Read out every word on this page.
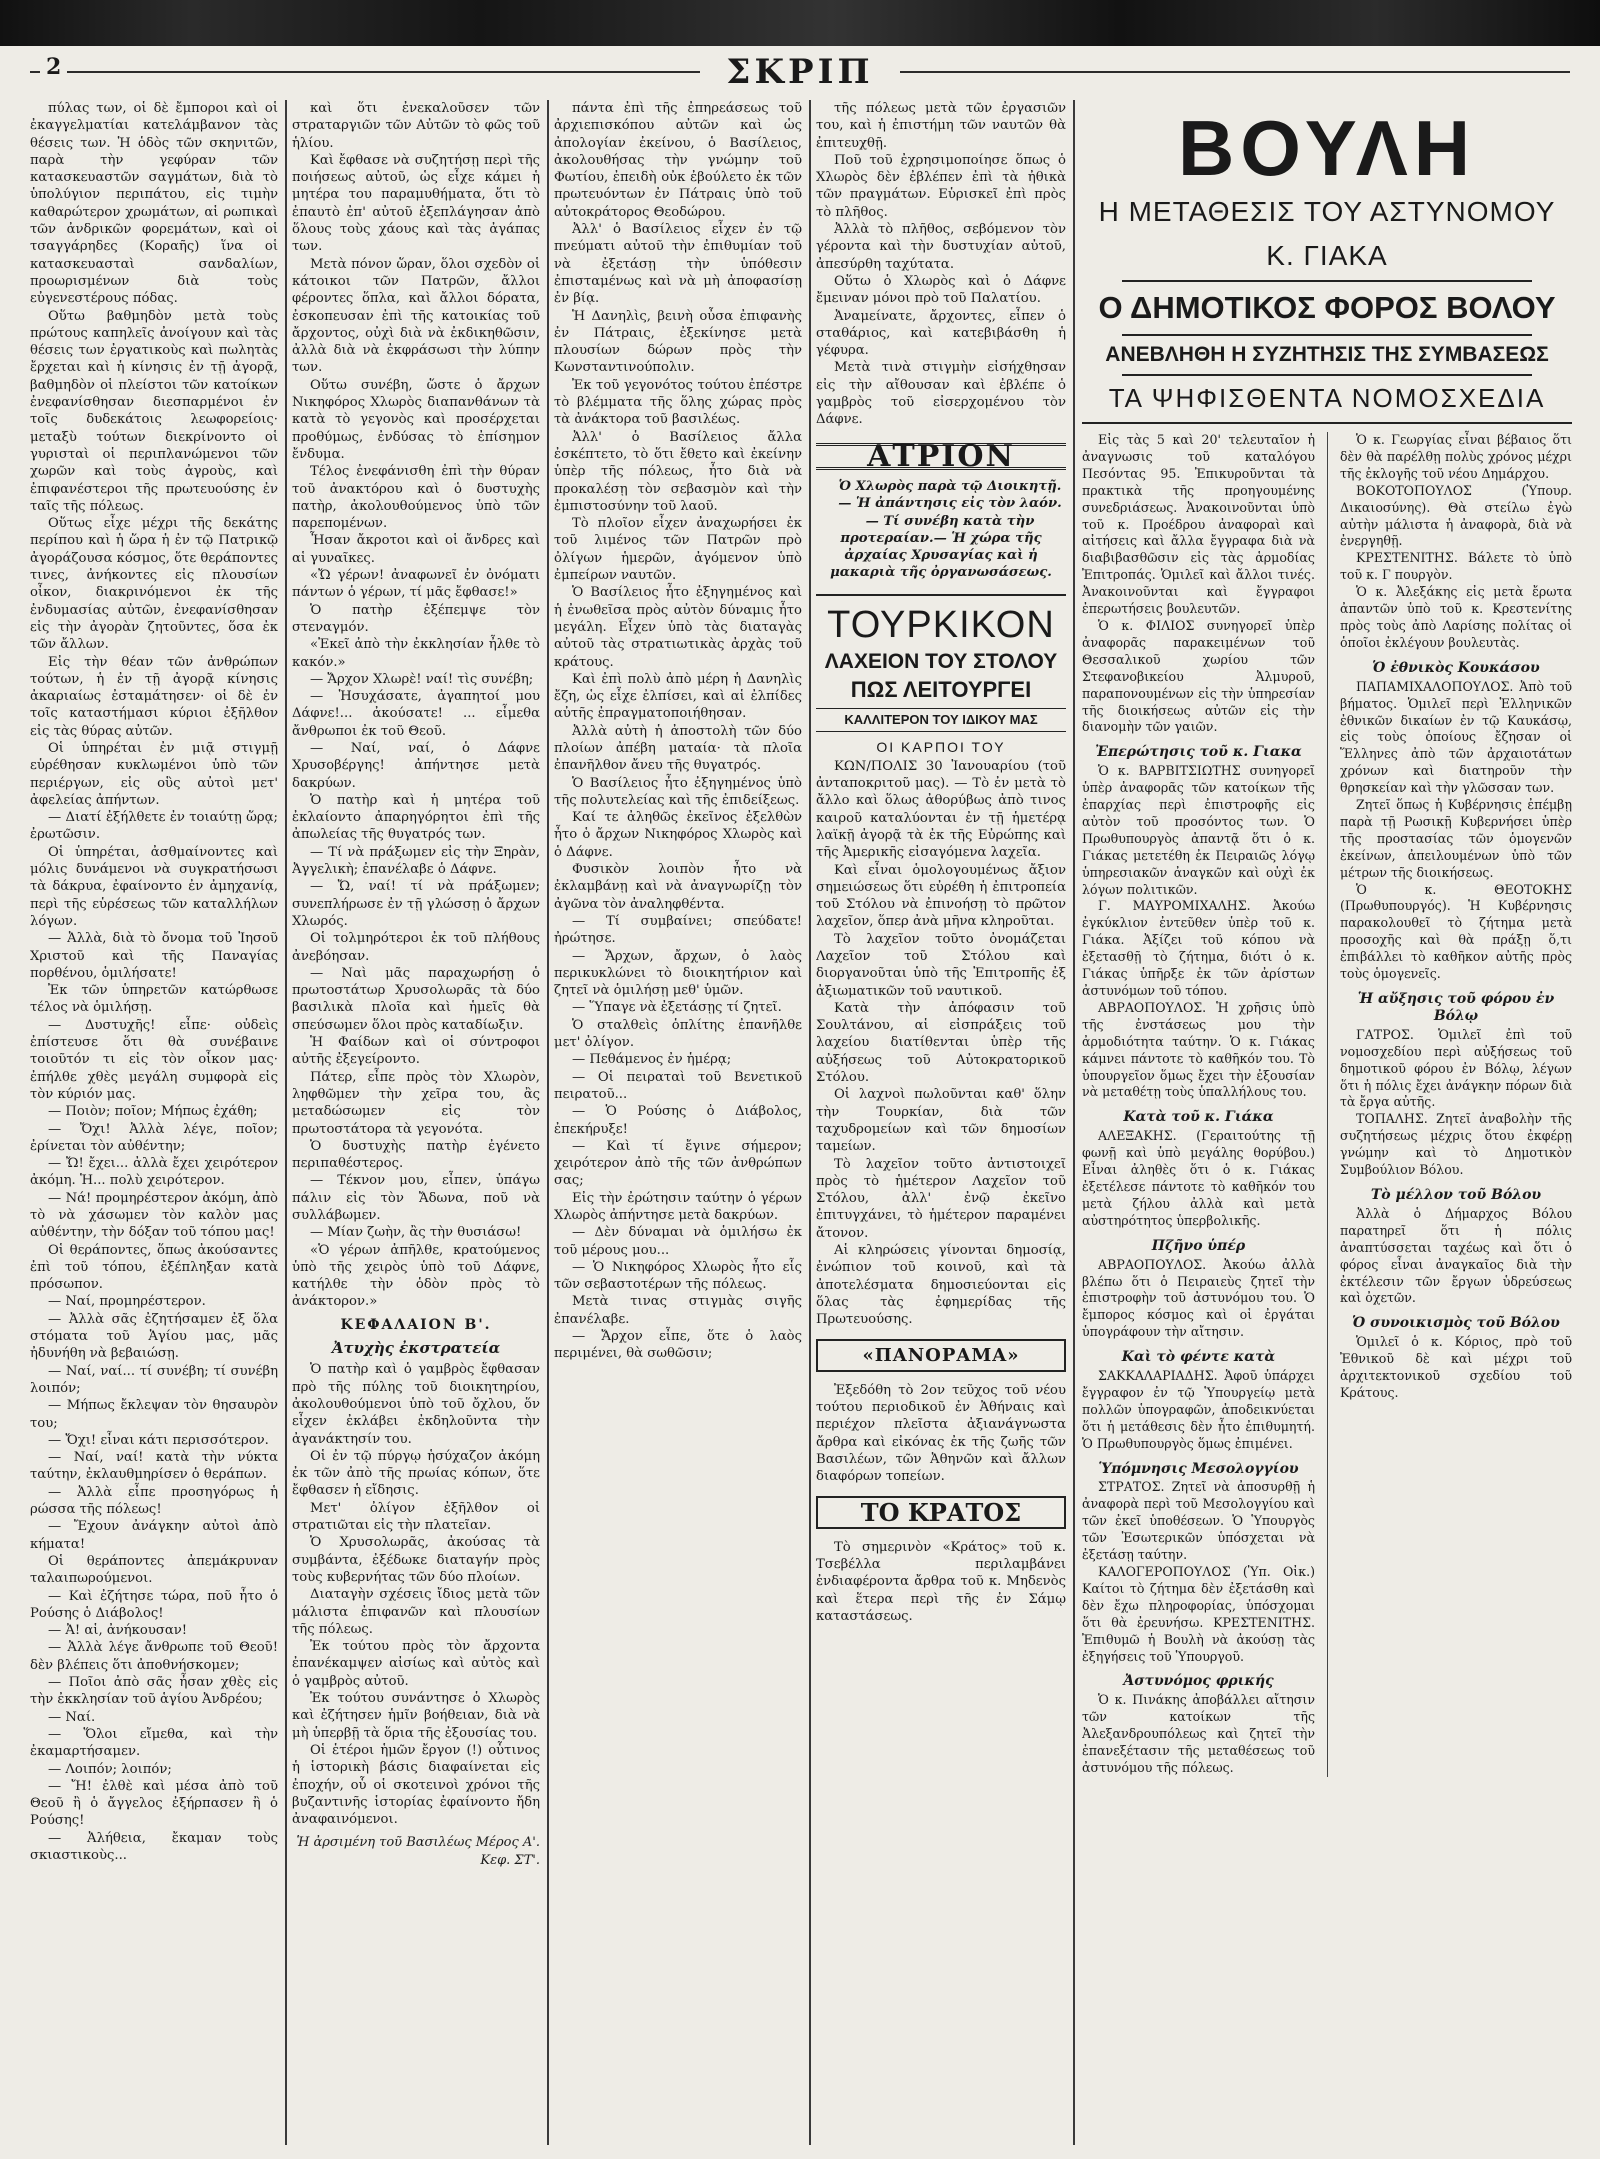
2	ΣΚΡΙΠ

πύλας των, οἱ δὲ ἔμποροι καὶ οἱ ἐκαγγελματίαι κατελάμβανον τὰς θέσεις των. Ἡ ὁδὸς τῶν σκηνιτῶν, παρὰ τὴν γεφύραν τῶν κατασκευαστῶν σαγμάτων, διὰ τὸ ὑπολύγιον περιπάτου, εἰς τιμὴν καθαρώτερον χρωμάτων, αἱ ρωπικαὶ τῶν ἀνδρικῶν φορεμάτων, καὶ οἱ τσαγγάρηδες (Κοραῆς) ἵνα οἱ κατασκευασταὶ σανδαλίων, προωρισμένων διὰ τοὺς εὐγενεστέρους πόδας.

Οὕτω βαθμηδὸν μετὰ τοὺς πρώτους καπηλεῖς ἀνοίγουν καὶ τὰς θέσεις των ἐργατικοὺς καὶ πωλητὰς ἔρχεται καὶ ἡ κίνησις ἐν τῇ ἀγορᾷ, βαθμηδὸν οἱ πλείστοι τῶν κατοίκων ἐνεφανίσθησαν διεσπαρμένοι ἐν τοῖς δυδεκάτοις λεωφορείοις· μεταξὺ τούτων διεκρίνοντο οἱ γυρισταὶ οἱ περιπλανώμενοι τῶν χωρῶν καὶ τοὺς ἀγροὺς, καὶ ἐπιφανέστεροι τῆς πρωτευούσης ἐν ταῖς τῆς πόλεως.

Οὕτως εἶχε μέχρι τῆς δεκάτης περίπου καὶ ἡ ὥρα ἡ ἐν τῷ Πατρικῷ ἀγοράζουσα κόσμος, ὅτε θεράποντες τινες, ἀνήκοντες εἰς πλουσίων οἶκον, διακρινόμενοι ἐκ τῆς ἐνδυμασίας αὐτῶν, ἐνεφανίσθησαν εἰς τὴν ἀγορὰν ζητοῦντες, ὅσα ἐκ τῶν ἄλλων.

Εἰς τὴν θέαν τῶν ἀνθρώπων τούτων, ἡ ἐν τῇ ἀγορᾷ κίνησις ἀκαριαίως ἐσταμάτησεν· οἱ δὲ ἐν τοῖς καταστήμασι κύριοι ἐξῆλθον εἰς τὰς θύρας αὐτῶν.

Οἱ ὑπηρέται ἐν μιᾷ στιγμῇ εὑρέθησαν κυκλωμένοι ὑπὸ τῶν περιέργων, εἰς οὓς αὐτοὶ μετ' ἀφελείας ἀπήντων.

— Διατί ἐξήλθετε ἐν τοιαύτῃ ὥρᾳ; ἐρωτῶσιν.

Οἱ ὑπηρέται, ἀσθμαίνοντες καὶ μόλις δυνάμενοι νὰ συγκρατήσωσι τὰ δάκρυα, ἐφαίνοντο ἐν ἀμηχανίᾳ, περὶ τῆς εὑρέσεως τῶν καταλλήλων λόγων.

— Ἀλλὰ, διὰ τὸ ὄνομα τοῦ Ἰησοῦ Χριστοῦ καὶ τῆς Παναγίας πορθένου, ὁμιλήσατε!

Ἐκ τῶν ὑπηρετῶν κατώρθωσε τέλος νὰ ὁμιλήσῃ.

— Δυστυχῆς! εἶπε· οὐδεὶς ἐπίστευσε ὅτι θὰ συνέβαινε τοιοῦτόν τι εἰς τὸν οἶκον μας· ἐπήλθε χθὲς μεγάλη συμφορὰ εἰς τὸν κύριόν μας.

— Ποιὸν; ποῖον; Μήπως ἐχάθη;

— Ὄχι! Ἀλλὰ λέγε, ποῖον; ἐρίνεται τὸν αὐθέντην;

— Ὤ! ἔχει... ἀλλὰ ἔχει χειρότερον ἀκόμη. Ἡ... πολὺ χειρότερον.

— Νά! προμηρέστερον ἀκόμη, ἀπὸ τὸ νὰ χάσωμεν τὸν καλὸν μας αὐθέντην, τὴν δόξαν τοῦ τόπου μας!

Οἱ θεράποντες, ὅπως ἀκούσαντες ἐπὶ τοῦ τόπου, ἐξέπληξαν κατὰ πρόσωπον.

— Ναί, προμηρέστερον.

— Ἀλλὰ σᾶς ἐζητήσαμεν ἐξ ὅλα στόματα τοῦ Ἁγίου μας, μᾶς ἠδυνήθη νὰ βεβαιώσῃ.

— Ναί, ναί... τί συνέβη; τί συνέβη λοιπόν;

— Μήπως ἔκλεψαν τὸν θησαυρὸν του;

— Ὄχι! εἶναι κάτι περισσότερον.

— Ναί, ναί! κατὰ τὴν νύκτα ταύτην, ἐκλαυθμηρίσεν ὁ θεράπων.

— Ἀλλὰ εἶπε προσηγόρως ἡ ρώσσα τῆς πόλεως!

— Ἔχουν ἀνάγκην αὐτοὶ ἀπὸ κήματα!

Οἱ θεράποντες ἀπεμάκρυναν ταλαιπωρούμενοι.

— Καὶ ἐζήτησε τώρα, ποῦ ἦτο ὁ Ρούσης ὁ Διάβολος!

— Ἀ! αἱ, ἀνήκουσαν!

— Ἀλλὰ λέγε ἄνθρωπε τοῦ Θεοῦ! δὲν βλέπεις ὅτι ἀποθνήσκομεν;

— Ποῖοι ἀπὸ σᾶς ἦσαν χθὲς εἰς τὴν ἐκκλησίαν τοῦ ἁγίου Ἀνδρέου;

— Ναί.

— Ὅλοι εἴμεθα, καὶ τὴν ἐκαμαρτήσαμεν.

— Λοιπόν; λοιπόν;

— Ἤ! ἐλθὲ καὶ μέσα ἀπὸ τοῦ Θεοῦ ἢ ὁ ἄγγελος ἐξήρπασεν ἢ ὁ Ρούσης!

— Ἀλήθεια, ἔκαμαν τοὺς σκιαστικοὺς...

καὶ ὅτι ἐνεκαλοῦσεν τῶν στραταργιῶν τῶν Αὐτῶν τὸ φῶς τοῦ ἡλίου.

Καὶ ἔφθασε νὰ συζητήσῃ περὶ τῆς ποιήσεως αὐτοῦ, ὡς εἶχε κάμει ἡ μητέρα του παραμυθήματα, ὅτι τὸ ἐπαυτὸ ἐπ' αὐτοῦ ἐξεπλάγησαν ἀπὸ ὅλους τοὺς χάους καὶ τὰς ἀγάπας των.

Μετὰ πόνον ὥραν, ὅλοι σχεδὸν οἱ κάτοικοι τῶν Πατρῶν, ἄλλοι φέροντες ὅπλα, καὶ ἄλλοι δόρατα, ἐσκοπευσαν ἐπὶ τῆς κατοικίας τοῦ ἄρχοντος, οὐχὶ διὰ νὰ ἐκδικηθῶσιν, ἀλλὰ διὰ νὰ ἐκφράσωσι τὴν λύπην των.

Οὕτω συνέβη, ὥστε ὁ ἄρχων Νικηφόρος Χλωρὸς διαπανθάνων τὰ κατὰ τὸ γεγονὸς καὶ προσέρχεται προθύμως, ἐνδύσας τὸ ἐπίσημον ἔνδυμα.

Τέλος ἐνεφάνισθη ἐπὶ τὴν θύραν τοῦ ἀνακτόρου καὶ ὁ δυστυχὴς πατὴρ, ἀκολουθούμενος ὑπὸ τῶν παρεπομένων.

Ἦσαν ἄκροτοι καὶ οἱ ἄνδρες καὶ αἱ γυναῖκες.

«Ὤ γέρων! ἀναφωνεῖ ἐν ὀνόματι πάντων ὁ γέρων, τί μᾶς ἔφθασε!»

Ὁ πατὴρ ἐξέπεμψε τὸν στεναγμόν.

«Ἐκεῖ ἀπὸ τὴν ἐκκλησίαν ἦλθε τὸ κακόν.»

— Ἄρχον Χλωρὲ! ναί! τὶς συνέβη;

— Ἡσυχάσατε, ἀγαπητοί μου Δάφνε!... ἀκούσατε! ... εἶμεθα ἄνθρωποι ἐκ τοῦ Θεοῦ.

— Ναί, ναί, ὁ Δάφνε Χρυσοβέργης! ἀπήντησε μετὰ δακρύων.

Ὁ πατὴρ καὶ ἡ μητέρα τοῦ ἐκλαίοντο ἀπαρηγόρητοι ἐπὶ τῆς ἀπωλείας τῆς θυγατρός των.

— Τί νὰ πράξωμεν εἰς τὴν Ξηρὰν, Ἀγγελικὴ; ἐπανέλαβε ὁ Δάφνε.

— Ὤ, ναί! τί νὰ πράξωμεν; συνεπλήρωσε ἐν τῇ γλώσσῃ ὁ ἄρχων Χλωρός.

Οἱ τολμηρότεροι ἐκ τοῦ πλήθους ἀνεβόησαν.

— Ναὶ μᾶς παραχωρήσῃ ὁ πρωτοστάτωρ Χρυσολωρᾶς τὰ δύο βασιλικὰ πλοῖα καὶ ἡμεῖς θὰ σπεύσωμεν ὅλοι πρὸς καταδίωξιν.

Ἡ Φαίδων καὶ οἱ σύντροφοι αὐτῆς ἐξεγείροντο.

Πάτερ, εἶπε πρὸς τὸν Χλωρὸν, ληφθῶμεν τὴν χεῖρα του, ἂς μεταδώσωμεν εἰς τὸν πρωτοστάτορα τὰ γεγονότα.

Ὁ δυστυχὴς πατὴρ ἐγένετο περιπαθέστερος.

— Τέκνον μου, εἶπεν, ὑπάγω πάλιν εἰς τὸν Ἄδωνα, ποῦ νὰ συλλάβωμεν.

— Μίαν ζωὴν, ἂς τὴν θυσιάσω!

«Ὁ γέρων ἀπῆλθε, κρατούμενος ὑπὸ τῆς χειρὸς ὑπὸ τοῦ Δάφνε, κατήλθε τὴν ὁδὸν πρὸς τὸ ἀνάκτορον.»

ΚΕΦΑΛΑΙΟΝ Β'.
Ἀτυχὴς ἐκστρατεία

Ὁ πατὴρ καὶ ὁ γαμβρὸς ἔφθασαν πρὸ τῆς πύλης τοῦ διοικητηρίου, ἀκολουθούμενοι ὑπὸ τοῦ ὄχλου, ὅν εἶχεν ἐκλάβει ἐκδηλοῦντα τὴν ἀγανάκτησίν του.

Οἱ ἐν τῷ πύργῳ ἡσύχαζον ἀκόμη ἐκ τῶν ἀπὸ τῆς πρωίας κόπων, ὅτε ἔφθασεν ἡ εἴδησις.

Μετ' ὀλίγον ἐξῆλθον οἱ στρατιῶται εἰς τὴν πλατεῖαν.

Ὁ Χρυσολωρᾶς, ἀκούσας τὰ συμβάντα, ἐξέδωκε διαταγήν πρὸς τοὺς κυβερνήτας τῶν δύο πλοίων.

Διαταγὴν σχέσεις ἴδιος μετὰ τῶν μάλιστα ἐπιφανῶν καὶ πλουσίων τῆς πόλεως.

Ἐκ τούτου πρὸς τὸν ἄρχοντα ἐπανέκαμψεν αἰσίως καὶ αὐτὸς καὶ ὁ γαμβρὸς αὐτοῦ.

Ἐκ τούτου συνάντησε ὁ Χλωρὸς καὶ ἐζήτησεν ἡμῖν βοήθειαν, διὰ νὰ μὴ ὑπερβῇ τὰ ὅρια τῆς ἐξουσίας του.

Οἱ ἑτέροι ἡμῶν ἔργον (!) οὗτινος ἡ ἱστορικὴ βάσις διαφαίνεται εἰς ἐποχήν, οὗ οἱ σκοτεινοὶ χρόνοι τῆς βυζαντινῆς ἱστορίας ἐφαίνοντο ἤδη ἀναφαινόμενοι.

Ἡ ἀρσιμένη τοῦ Βασιλέως Μέρος Α'. Κεφ. ΣΤ'.

πάντα ἐπὶ τῆς ἐπηρεάσεως τοῦ ἀρχιεπισκόπου αὐτῶν καὶ ὡς ἀπολογίαν ἐκείνου, ὁ Βασίλειος, ἀκολουθήσας τὴν γνώμην τοῦ Φωτίου, ἐπειδὴ οὐκ ἐβούλετο ἐκ τῶν πρωτευόντων ἐν Πάτραις ὑπὸ τοῦ αὐτοκράτορος Θεοδώρου.

Ἀλλ' ὁ Βασίλειος εἶχεν ἐν τῷ πνεύματι αὐτοῦ τὴν ἐπιθυμίαν τοῦ νὰ ἐξετάσῃ τὴν ὑπόθεσιν ἐπισταμένως καὶ νὰ μὴ ἀποφασίσῃ ἐν βίᾳ.

Ἡ Δανηλὶς, βεινὴ οὖσα ἐπιφανὴς ἐν Πάτραις, ἐξεκίνησε μετὰ πλουσίων δώρων πρὸς τὴν Κωνσταντινούπολιν.

Ἐκ τοῦ γεγονότος τούτου ἐπέστρε τὸ βλέμματα τῆς ὅλης χώρας πρὸς τὰ ἀνάκτορα τοῦ βασιλέως.

Ἀλλ' ὁ Βασίλειος ἄλλα ἐσκέπτετο, τὸ ὅτι ἔθετο καὶ ἐκείνην ὑπὲρ τῆς πόλεως, ἦτο διὰ νὰ προκαλέσῃ τὸν σεβασμὸν καὶ τὴν ἐμπιστοσύνην τοῦ λαοῦ.

Τὸ πλοῖον εἶχεν ἀναχωρήσει ἐκ τοῦ λιμένος τῶν Πατρῶν πρὸ ὀλίγων ἡμερῶν, ἀγόμενον ὑπὸ ἐμπείρων ναυτῶν.

Ὁ Βασίλειος ἦτο ἐξηγημένος καὶ ἡ ἐνωθεῖσα πρὸς αὐτὸν δύναμις ἦτο μεγάλη. Εἶχεν ὑπὸ τὰς διαταγὰς αὐτοῦ τὰς στρατιωτικὰς ἀρχὰς τοῦ κράτους.

Καὶ ἐπὶ πολὺ ἀπὸ μέρη ἡ Δανηλὶς ἔζη, ὡς εἶχε ἐλπίσει, καὶ αἱ ἐλπίδες αὐτῆς ἐπραγματοποιήθησαν.

Ἀλλὰ αὐτὴ ἡ ἀποστολὴ τῶν δύο πλοίων ἀπέβη ματαία· τὰ πλοῖα ἐπανῆλθον ἄνευ τῆς θυγατρός.

Ὁ Βασίλειος ἦτο ἐξηγημένος ὑπὸ τῆς πολυτελείας καὶ τῆς ἐπιδείξεως.

Καί τε ἀληθῶς ἐκεῖνος ἐξελθὼν ἦτο ὁ ἄρχων Νικηφόρος Χλωρὸς καὶ ὁ Δάφνε.

Φυσικὸν λοιπὸν ἦτο νὰ ἐκλαμβάνῃ καὶ νὰ ἀναγνωρίζῃ τὸν ἀγῶνα τὸν ἀναληφθέντα.

— Τί συμβαίνει; σπεύδατε! ἠρώτησε.

— Ἄρχων, ἄρχων, ὁ λαὸς περικυκλώνει τὸ διοικητήριον καὶ ζητεῖ νὰ ὁμιλήσῃ μεθ' ὑμῶν.

— Ὕπαγε νὰ ἐξετάσῃς τί ζητεῖ.

Ὁ σταλθεὶς ὁπλίτης ἐπανῆλθε μετ' ὀλίγον.

— Πεθάμενος ἐν ἡμέρᾳ;

— Οἱ πειραταὶ τοῦ Βενετικοῦ πειρατοῦ...

— Ὁ Ρούσης ὁ Διάβολος, ἐπεκήρυξε!

— Καὶ τί ἔγινε σήμερον; χειρότερον ἀπὸ τῆς τῶν ἀνθρώπων σας;

Εἰς τὴν ἐρώτησιν ταύτην ὁ γέρων Χλωρὸς ἀπήντησε μετὰ δακρύων.

— Δὲν δύναμαι νὰ ὁμιλήσω ἐκ τοῦ μέρους μου...

— Ὁ Νικηφόρος Χλωρὸς ἦτο εἷς τῶν σεβαστοτέρων τῆς πόλεως.

Μετὰ τινας στιγμὰς σιγῆς ἐπανέλαβε.

— Ἄρχον εἶπε, ὅτε ὁ λαὸς περιμένει, θὰ σωθῶσιν;

τῆς πόλεως μετὰ τῶν ἐργασιῶν του, καὶ ἡ ἐπιστήμη τῶν ναυτῶν θὰ ἐπιτευχθῇ.

Ποῦ τοῦ ἐχρησιμοποίησε ὅπως ὁ Χλωρὸς δὲν ἐβλέπεν ἐπὶ τὰ ἠθικὰ τῶν πραγμάτων. Εὑρισκεῖ ἐπὶ πρὸς τὸ πλῆθος.

Ἀλλὰ τὸ πλῆθος, σεβόμενον τὸν γέροντα καὶ τὴν δυστυχίαν αὐτοῦ, ἀπεσύρθη ταχύτατα.

Οὕτω ὁ Χλωρὸς καὶ ὁ Δάφνε ἔμειναν μόνοι πρὸ τοῦ Παλατίου.

Ἀναμείνατε, ἄρχοντες, εἶπεν ὁ σταθάριος, καὶ κατεβιβάσθη ἡ γέφυρα.

Μετὰ τινὰ στιγμὴν εἰσήχθησαν εἰς τὴν αἴθουσαν καὶ ἐβλέπε ὁ γαμβρὸς τοῦ εἰσερχομένου τὸν Δάφνε.

ΑΤΡΙΟΝ

Ὁ Χλωρὸς παρὰ τῷ Διοικητῇ.

— Ἡ ἀπάντησις εἰς τὸν λαόν.

— Τί συνέβη κατὰ τὴν προτεραίαν.— Ἡ χώρα τῆς ἀρχαίας Χρυσαγίας καὶ ἡ μακαριὰ τῆς ὀργανωσάσεως.

ΤΟΥΡΚΙΚΟΝ
ΛΑΧΕΙΟΝ ΤΟΥ ΣΤΟΛΟΥ
ΠΩΣ ΛΕΙΤΟΥΡΓΕΙ
ΚΑΛΛΙΤΕΡΟΝ ΤΟΥ ΙΔΙΚΟΥ ΜΑΣ
ΟΙ ΚΑΡΠΟΙ ΤΟΥ

ΚΩΝ/ΠΟΛΙΣ 30 Ἰανουαρίου (τοῦ ἀνταποκριτοῦ μας). — Τὸ ἐν μετὰ τὸ ἄλλο καὶ ὅλως ἀθορύβως ἀπὸ τινος καιροῦ καταλύονται ἐν τῇ ἡμετέρᾳ λαϊκῇ ἀγορᾷ τὰ ἐκ τῆς Εὐρώπης καὶ τῆς Ἀμερικῆς εἰσαγόμενα λαχεῖα.

Καὶ εἶναι ὁμολογουμένως ἄξιον σημειώσεως ὅτι εὐρέθη ἡ ἐπιτροπεία τοῦ Στόλου νὰ ἐπινοήσῃ τὸ πρῶτον λαχεῖον, ὅπερ ἀνὰ μῆνα κληροῦται.

Τὸ λαχεῖον τοῦτο ὀνομάζεται Λαχεῖον τοῦ Στόλου καὶ διοργανοῦται ὑπὸ τῆς Ἐπιτροπῆς ἐξ ἀξιωματικῶν τοῦ ναυτικοῦ.

Κατὰ τὴν ἀπόφασιν τοῦ Σουλτάνου, αἱ εἰσπράξεις τοῦ λαχείου διατίθενται ὑπὲρ τῆς αὐξήσεως τοῦ Αὐτοκρατορικοῦ Στόλου.

Οἱ λαχνοὶ πωλοῦνται καθ' ὅλην τὴν Τουρκίαν, διὰ τῶν ταχυδρομείων καὶ τῶν δημοσίων ταμείων.

Τὸ λαχεῖον τοῦτο ἀντιστοιχεῖ πρὸς τὸ ἡμέτερον Λαχεῖον τοῦ Στόλου, ἀλλ' ἐνῷ ἐκεῖνο ἐπιτυγχάνει, τὸ ἡμέτερον παραμένει ἄτονον.

Αἱ κληρώσεις γίνονται δημοσίᾳ, ἐνώπιον τοῦ κοινοῦ, καὶ τὰ ἀποτελέσματα δημοσιεύονται εἰς ὅλας τὰς ἐφημερίδας τῆς Πρωτευούσης.

«ΠΑΝΟΡΑΜΑ»

Ἐξεδόθη τὸ 2ον τεῦχος τοῦ νέου τούτου περιοδικοῦ ἐν Ἀθήναις καὶ περιέχον πλεῖστα ἀξιανάγνωστα ἄρθρα καὶ εἰκόνας ἐκ τῆς ζωῆς τῶν Βασιλέων, τῶν Ἀθηνῶν καὶ ἄλλων διαφόρων τοπείων.

ΤΟ ΚΡΑΤΟΣ

Τὸ σημερινὸν «Κράτος» τοῦ κ. Τσεβέλλα περιλαμβάνει ἐνδιαφέροντα ἄρθρα τοῦ κ. Μηδενὸς καὶ ἕτερα περὶ τῆς ἐν Σάμῳ καταστάσεως.

ΒΟΥΛΗ
Η ΜΕΤΑΘΕΣΙΣ ΤΟΥ ΑΣΤΥΝΟΜΟΥ Κ. ΓΙΑΚΑ
Ο ΔΗΜΟΤΙΚΟΣ ΦΟΡΟΣ ΒΟΛΟΥ
ΑΝΕΒΛΗΘΗ Η ΣΥΖΗΤΗΣΙΣ ΤΗΣ ΣΥΜΒΑΣΕΩΣ
ΤΑ ΨΗΦΙΣΘΕΝΤΑ ΝΟΜΟΣΧΕΔΙΑ

Εἰς τὰς 5 καὶ 20' τελευταῖον ἡ ἀναγνωσις τοῦ καταλόγου Πεσόντας 95. Ἐπικυροῦνται τὰ πρακτικὰ τῆς προηγουμένης συνεδριάσεως. Ἀνακοινοῦνται ὑπὸ τοῦ κ. Προέδρου ἀναφοραὶ καὶ αἰτήσεις καὶ ἄλλα ἔγγραφα διὰ νὰ διαβιβασθῶσιν εἰς τὰς ἁρμοδίας Ἐπιτροπάς. Ὁμιλεῖ καὶ ἄλλοι τινές. Ἀνακοινοῦνται καὶ ἔγγραφοι ἐπερωτήσεις βουλευτῶν.

Ὁ κ. ΦΙΛΙΟΣ συνηγορεῖ ὑπὲρ ἀναφορᾶς παρακειμένων τοῦ Θεσσαλικοῦ χωρίου τῶν Στεφανοβικείου Ἀλμυροῦ, παραπονουμένων εἰς τὴν ὑπηρεσίαν τῆς διοικήσεως αὐτῶν εἰς τὴν διανομὴν τῶν γαιῶν.

Ἐπερώτησις τοῦ κ. Γιακα

Ὁ κ. ΒΑΡΒΙΤΣΙΩΤΗΣ συνηγορεῖ ὑπὲρ ἀναφορᾶς τῶν κατοίκων τῆς ἐπαρχίας περὶ ἐπιστροφῆς εἰς αὐτὸν τοῦ προσόντος των. Ὁ Πρωθυπουργὸς ἀπαντᾷ ὅτι ὁ κ. Γιάκας μετετέθη ἐκ Πειραιῶς λόγῳ ὑπηρεσιακῶν ἀναγκῶν καὶ οὐχὶ ἐκ λόγων πολιτικῶν.

Γ. ΜΑΥΡΟΜΙΧΑΛΗΣ. Ἀκούω ἐγκύκλιον ἐντεῦθεν ὑπὲρ τοῦ κ. Γιάκα. Ἀξίζει τοῦ κόπου νὰ ἐξετασθῇ τὸ ζήτημα, διότι ὁ κ. Γιάκας ὑπῆρξε ἐκ τῶν ἀρίστων ἀστυνόμων τοῦ τόπου.

ΑΒΡΑΟΠΟΥΛΟΣ. Ἡ χρῆσις ὑπὸ τῆς ἐνστάσεως μου τὴν ἀρμοδιότητα ταύτην. Ὁ κ. Γιάκας κάμνει πάντοτε τὸ καθῆκόν του. Τὸ ὑπουργεῖον ὅμως ἔχει τὴν ἐξουσίαν νὰ μεταθέτῃ τοὺς ὑπαλλήλους του.

Κατὰ τοῦ κ. Γιάκα

ΑΛΕΞΑΚΗΣ. (Γεραιτούτης τῇ φωνῇ καὶ ὑπὸ μεγάλης θορύβου.) Εἶναι ἀληθὲς ὅτι ὁ κ. Γιάκας ἐξετέλεσε πάντοτε τὸ καθῆκόν του μετὰ ζήλου ἀλλὰ καὶ μετὰ αὐστηρότητος ὑπερβολικῆς.

Πζῆνο ὑπέρ

ΑΒΡΑΟΠΟΥΛΟΣ. Ἀκούω ἀλλὰ βλέπω ὅτι ὁ Πειραιεὺς ζητεῖ τὴν ἐπιστροφὴν τοῦ ἀστυνόμου του. Ὁ ἔμπορος κόσμος καὶ οἱ ἐργάται ὑπογράφουν τὴν αἴτησιν.

Καὶ τὸ φέντε κατὰ

ΣΑΚΚΑΛΑΡΙΑΔΗΣ. Ἀφοῦ ὑπάρχει ἔγγραφον ἐν τῷ Ὑπουργείῳ μετὰ πολλῶν ὑπογραφῶν, ἀποδεικνύεται ὅτι ἡ μετάθεσις δὲν ἦτο ἐπιθυμητή. Ὁ Πρωθυπουργὸς ὅμως ἐπιμένει.

Ὑπόμνησις Μεσολογγίου

ΣΤΡΑΤΟΣ. Ζητεῖ νὰ ἀποσυρθῇ ἡ ἀναφορὰ περὶ τοῦ Μεσολογγίου καὶ τῶν ἐκεῖ ὑποθέσεων. Ὁ Ὑπουργὸς τῶν Ἐσωτερικῶν ὑπόσχεται νὰ ἐξετάσῃ ταύτην.

ΚΑΛΟΓΕΡΟΠΟΥΛΟΣ (Ὑπ. Οἰκ.) Καίτοι τὸ ζήτημα δὲν ἐξετάσθη καὶ δὲν ἔχω πληροφορίας, ὑπόσχομαι ὅτι θὰ ἐρευνήσω. ΚΡΕΣΤΕΝΙΤΗΣ. Ἐπιθυμῶ ἡ Βουλὴ νὰ ἀκούσῃ τὰς ἐξηγήσεις τοῦ Ὑπουργοῦ.

Ἀστυνόμος φρικής

Ὁ κ. Πινάκης ἀποβάλλει αἴτησιν τῶν κατοίκων τῆς Ἀλεξανδρουπόλεως καὶ ζητεῖ τὴν ἐπανεξέτασιν τῆς μεταθέσεως τοῦ ἀστυνόμου τῆς πόλεως.

Ὁ κ. Γεωργίας εἶναι βέβαιος ὅτι δὲν θὰ παρέλθῃ πολὺς χρόνος μέχρι τῆς ἐκλογῆς τοῦ νέου Δημάρχου.

ΒΟΚΟΤΟΠΟΥΛΟΣ (Ὑπουρ. Δικαιοσύνης). Θὰ στείλω ἐγὼ αὐτὴν μάλιστα ἡ ἀναφορὰ, διὰ νὰ ἐνεργηθῇ.

ΚΡΕΣΤΕΝΙΤΗΣ. Βάλετε τὸ ὑπὸ τοῦ κ. Γ πουργὸν.

Ὁ κ. Ἀλεξάκης εἰς μετὰ ἔρωτα ἀπαντῶν ὑπὸ τοῦ κ. Κρεστενίτης πρὸς τοὺς ἀπὸ Λαρίσης πολίτας οἱ ὁποῖοι ἐκλέγουν βουλευτὰς.

Ὁ ἐθνικὸς Κουκάσου

ΠΑΠΑΜΙΧΑΛΟΠΟΥΛΟΣ. Ἀπὸ τοῦ βήματος. Ὁμιλεῖ περὶ Ἑλληνικῶν ἐθνικῶν δικαίων ἐν τῷ Καυκάσῳ, εἰς τοὺς ὁποίους ἔζησαν οἱ Ἕλληνες ἀπὸ τῶν ἀρχαιοτάτων χρόνων καὶ διατηροῦν τὴν θρησκείαν καὶ τὴν γλῶσσαν των.

Ζητεῖ ὅπως ἡ Κυβέρνησις ἐπέμβῃ παρὰ τῇ Ρωσικῇ Κυβερνήσει ὑπὲρ τῆς προστασίας τῶν ὁμογενῶν ἐκείνων, ἀπειλουμένων ὑπὸ τῶν μέτρων τῆς διοικήσεως.

Ὁ κ. ΘΕΟΤΟΚΗΣ (Πρωθυπουργός). Ἡ Κυβέρνησις παρακολουθεῖ τὸ ζήτημα μετὰ προσοχῆς καὶ θὰ πράξῃ ὅ,τι ἐπιβάλλει τὸ καθῆκον αὐτῆς πρὸς τοὺς ὁμογενεῖς.

Ἡ αὔξησις τοῦ φόρου ἐν Βόλῳ

ΓΑΤΡΟΣ. Ὁμιλεῖ ἐπὶ τοῦ νομοσχεδίου περὶ αὐξήσεως τοῦ δημοτικοῦ φόρου ἐν Βόλῳ, λέγων ὅτι ἡ πόλις ἔχει ἀνάγκην πόρων διὰ τὰ ἔργα αὐτῆς.

ΤΟΠΑΛΗΣ. Ζητεῖ ἀναβολὴν τῆς συζητήσεως μέχρις ὅτου ἐκφέρῃ γνώμην καὶ τὸ Δημοτικὸν Συμβούλιον Βόλου.

Τὸ μέλλον τοῦ Βόλου

Ἀλλὰ ὁ Δήμαρχος Βόλου παρατηρεῖ ὅτι ἡ πόλις ἀναπτύσσεται ταχέως καὶ ὅτι ὁ φόρος εἶναι ἀναγκαῖος διὰ τὴν ἐκτέλεσιν τῶν ἔργων ὑδρεύσεως καὶ ὀχετῶν.

Ὁ συνοικισμὸς τοῦ Βόλου

Ὁμιλεῖ ὁ κ. Κόριος, πρὸ τοῦ Ἐθνικοῦ δὲ καὶ μέχρι τοῦ ἀρχιτεκτονικοῦ σχεδίου τοῦ Κράτους.
